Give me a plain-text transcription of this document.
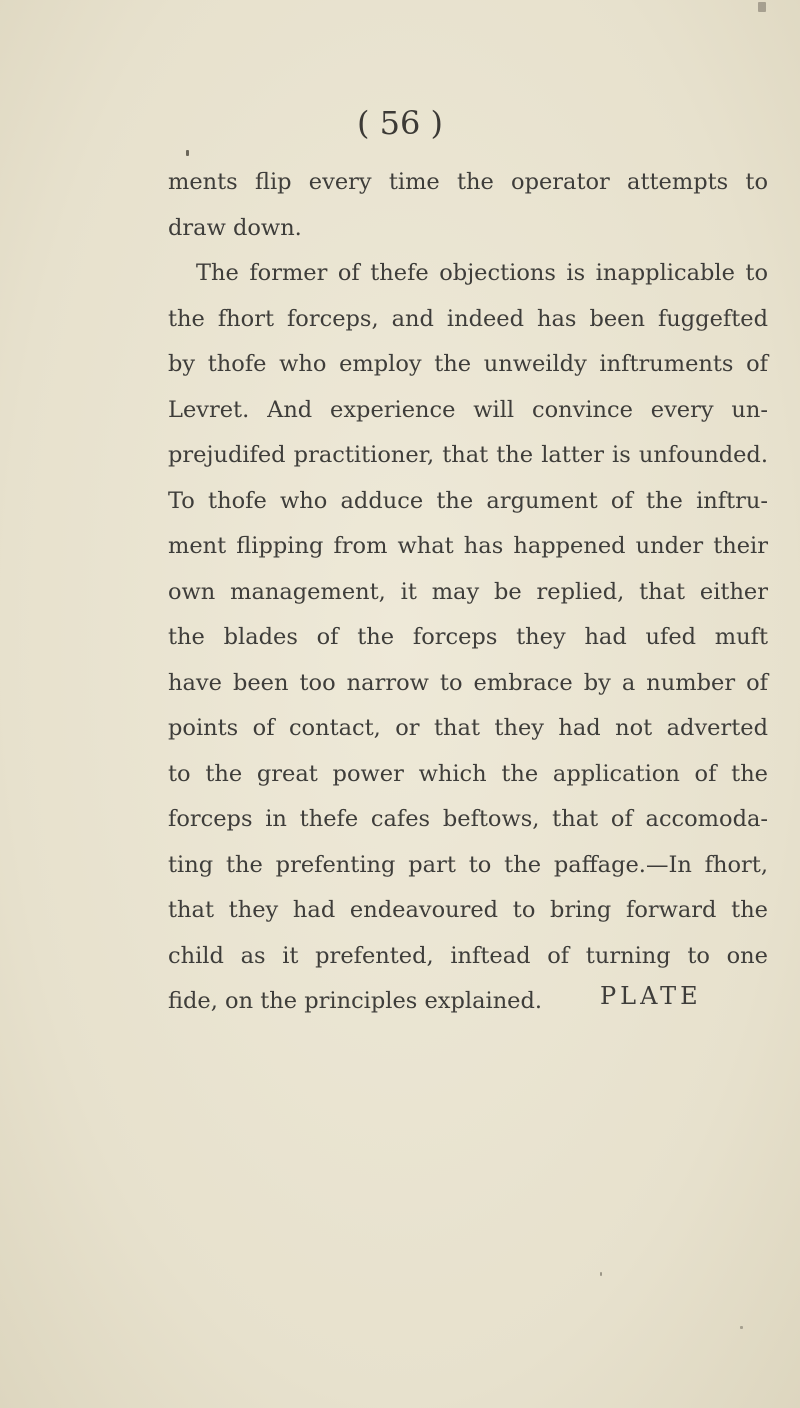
( 56 )
ments flip every time the operator attempts to
draw down.
The former of thefe objections is inapplicable to
the fhort forceps, and indeed has been fuggefted
by thofe who employ the unweildy inftruments of
Levret. And experience will convince every un-
prejudifed practitioner, that the latter is unfounded.
To thofe who adduce the argument of the inftru-
ment flipping from what has happened under their
own management, it may be replied, that either
the blades of the forceps they had ufed muft
have been too narrow to embrace by a number of
points of contact, or that they had not adverted
to the great power which the application of the
forceps in thefe cafes beftows, that of accomoda-
ting the prefenting part to the paffage.—In fhort,
that they had endeavoured to bring forward the
child as it prefented, inftead of turning to one
fide, on the principles explained.	PLATE
